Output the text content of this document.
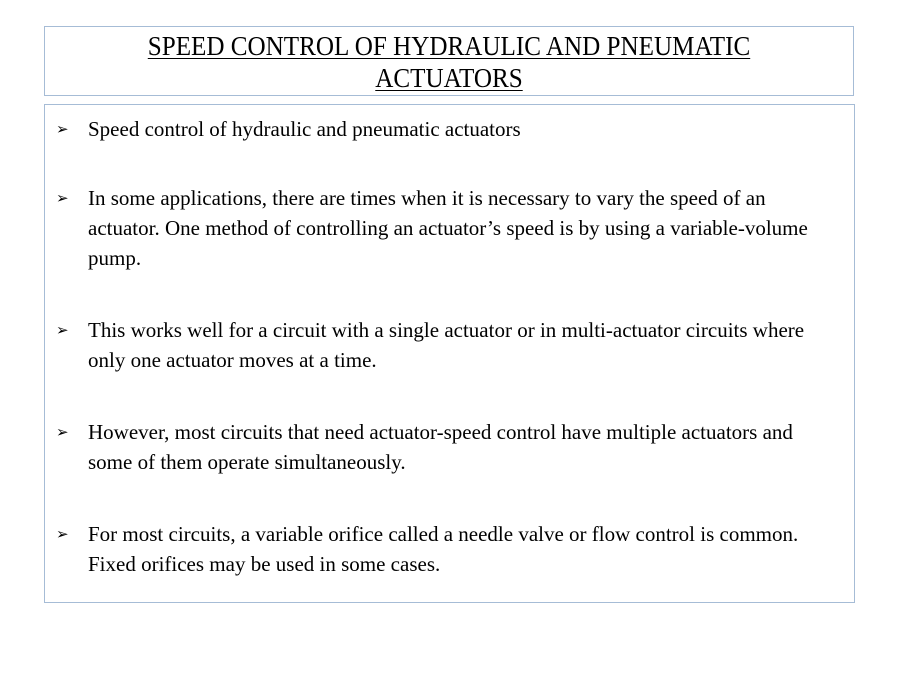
SPEED CONTROL OF HYDRAULIC AND PNEUMATIC ACTUATORS
➢ Speed control of hydraulic and pneumatic actuators
➢ In some applications, there are times when it is necessary to vary the speed of an actuator. One method of controlling an actuator’s speed is by using a variable-volume pump.
➢ This works well for a circuit with a single actuator or in multi-actuator circuits where only one actuator moves at a time.
➢ However, most circuits that need actuator-speed control have multiple actuators and some of them operate simultaneously.
➢ For most circuits, a variable orifice called a needle valve or flow control is common. Fixed orifices may be used in some cases.
